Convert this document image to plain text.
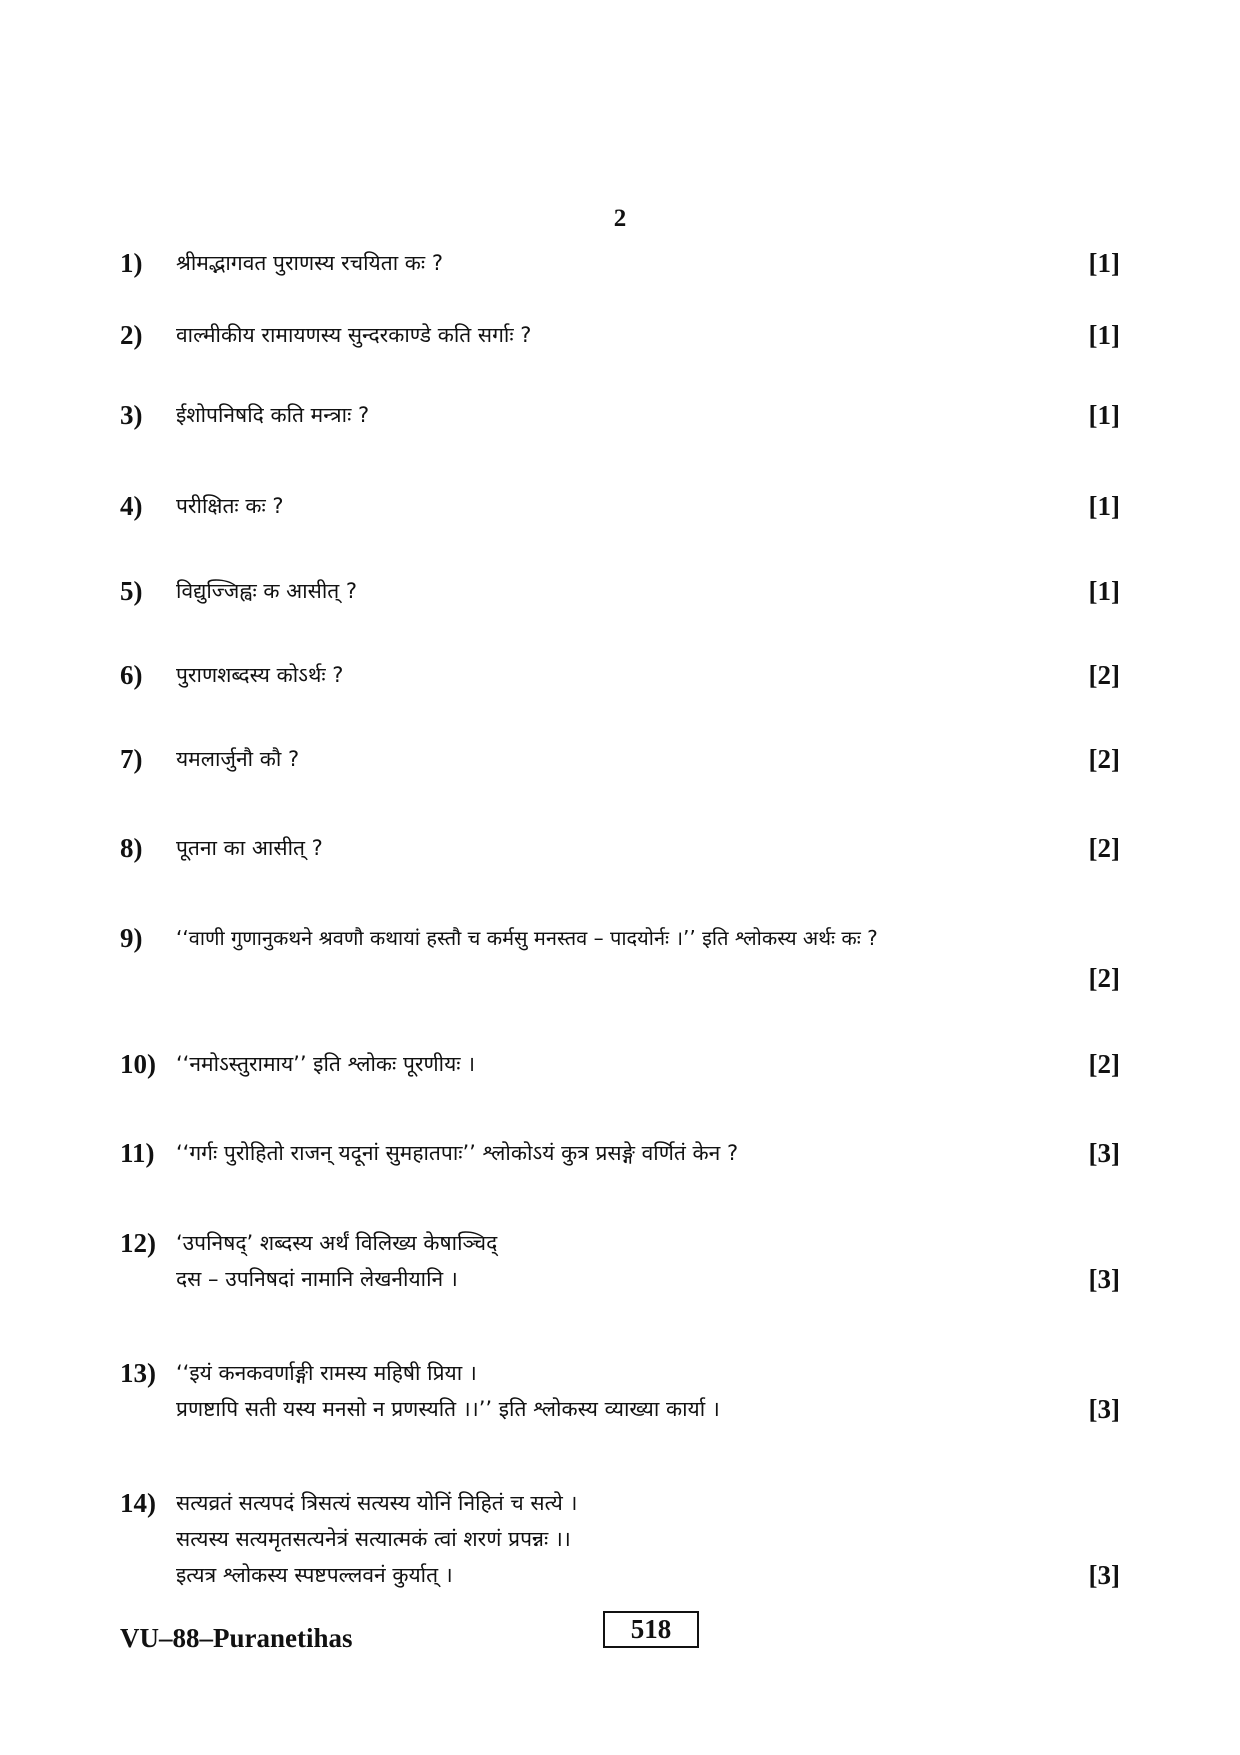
2
1) श्रीमद्भागवत पुराणस्य रचयिता कः ?	[1]
2) वाल्मीकीय रामायणस्य सुन्दरकाण्डे कति सर्गाः ?	[1]
3) ईशोपनिषदि कति मन्त्राः ?	[1]
4) परीक्षितः कः ?	[1]
5) विद्युज्जिह्वः क आसीत् ?	[1]
6) पुराणशब्दस्य कोऽर्थः ?	[2]
7) यमलार्जुनौ कौ ?	[2]
8) पूतना का आसीत् ?	[2]
9) ‘‘वाणी गुणानुकथने श्रवणौ कथायां हस्तौ च कर्मसु मनस्तव – पादयोर्नः ।’’ इति श्लोकस्य अर्थः कः ?
[2]
10) ‘‘नमोऽस्तुरामाय’’ इति श्लोकः पूरणीयः ।	[2]
11) ‘‘गर्गः पुरोहितो राजन् यदूनां सुमहातपाः’’ श्लोकोऽयं कुत्र प्रसङ्गे वर्णितं केन ?	[3]
12) ‘उपनिषद्’ शब्दस्य अर्थं विलिख्य केषाञ्चिद्
दस – उपनिषदां नामानि लेखनीयानि ।	[3]
13) ‘‘इयं कनकवर्णाङ्गी रामस्य महिषी प्रिया ।
प्रणष्टापि सती यस्य मनसो न प्रणस्यति ।।’’ इति श्लोकस्य व्याख्या कार्या ।	[3]
14) सत्यव्रतं सत्यपदं त्रिसत्यं सत्यस्य योनिं निहितं च सत्ये ।
सत्यस्य सत्यमृतसत्यनेत्रं सत्यात्मकं त्वां शरणं प्रपन्नः ।।
इत्यत्र श्लोकस्य स्पष्टपल्लवनं कुर्यात् ।	[3]
VU–88–Puranetihas	518
